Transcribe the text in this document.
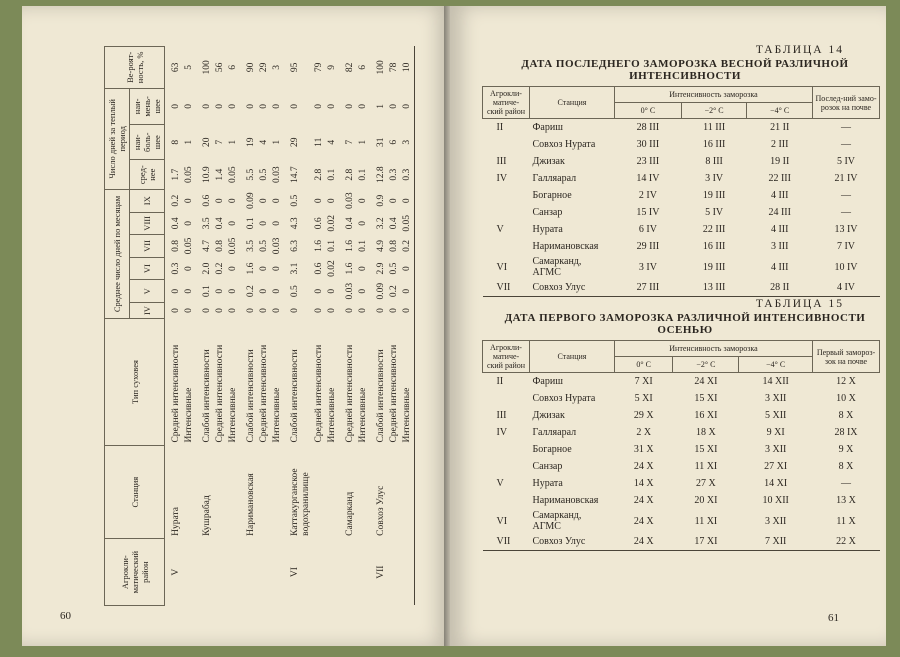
Агрокли-матический район	Станция	Тип суховея	Среднее число дней по месяцам						Число дней за теплый период			Ве-роят-ность, %
			IV	V	VI	VII	VIII	IX	сред-нее	наи-боль-шее	наи-мень-шее	
V	Нурата	Средней интенсивности	0	0	0.3	0.8	0.4	0.2	1.7	8	0	63
		Интенсивные	0	0	0	0.05	0	0	0.05	1	0	5
	Кушрабад	Слабой интенсивности	0	0.1	2.0	4.7	3.5	0.6	10.9	20	0	100
		Средней интенсивности	0	0	0.2	0.8	0.4	0	1.4	7	0	56
		Интенсивные	0	0	0	0.05	0	0	0.05	1	0	6
	Наримановская	Слабой интенсивности	0	0.2	1.6	3.5	0.1	0.09	5.5	19	0	90
		Средней интенсивности	0	0	0	0.5	0	0	0.5	4	0	29
		Интенсивные	0	0	0	0.03	0	0	0.03	1	0	3
VI	Каттакурганское водохранилище	Слабой интенсивности	0	0.5	3.1	6.3	4.3	0.5	14.7	29	0	95
		Средней интенсивности	0	0	0.6	1.6	0.6	0	2.8	11	0	79
		Интенсивные	0	0	0.02	0.1	0.02	0	0.1	4	0	9
	Самарканд	Средней интенсивности	0	0.03	1.6	1.6	0.4	0.03	2.8	7	0	82
		Интенсивные	0	0	0	0.1	0	0	0.1	1	0	6
VII	Совхоз Улус	Слабой интенсивности	0	0.09	2.9	4.9	3.2	0.9	12.8	31	1	100
		Средней интенсивности	0	0.2	0.5	0.8	0.4	0	0.3	6	0	78
		Интенсивные	0	0	0	0.2	0.05	0	0.3	3	0	10
60
ТАБЛИЦА 14
ДАТА ПОСЛЕДНЕГО ЗАМОРОЗКА ВЕСНОЙ РАЗЛИЧНОЙ ИНТЕНСИВНОСТИ
Агрокли-матиче-ский район	Станция	Интенсивность заморозка			Послед-ний замо-розок на почве
		0° С	−2° С	−4° С	
II	Фариш	28 III	11 III	21 II	—
	Совхоз Нурата	30 III	16 III	2 III	—
III	Джизак	23 III	8 III	19 II	5 IV
IV	Галляарал	14 IV	3 IV	22 III	21 IV
	Богарное	2 IV	19 III	4 III	—
	Санзар	15 IV	5 IV	24 III	—
V	Нурата	6 IV	22 III	4 III	13 IV
	Наримановская	29 III	16 III	3 III	7 IV
VI	Самарканд, АГМС	3 IV	19 III	4 III	10 IV
VII	Совхоз Улус	27 III	13 III	28 II	4 IV
ТАБЛИЦА 15
ДАТА ПЕРВОГО ЗАМОРОЗКА РАЗЛИЧНОЙ ИНТЕНСИВНОСТИ ОСЕНЬЮ
Агрокли-матиче-ский район	Станция	Интенсивность заморозка			Первый замороз-зок на почве
		0° С	−2° С	−4° С	
II	Фариш	7 XI	24 XI	14 XII	12 X
	Совхоз Нурата	5 XI	15 XI	3 XII	10 X
III	Джизак	29 X	16 XI	5 XII	8 X
IV	Галляарал	2 X	18 X	9 XI	28 IX
	Богарное	31 X	15 XI	3 XII	9 X
	Санзар	24 X	11 XI	27 XI	8 X
V	Нурата	14 X	27 X	14 XI	—
	Наримановская	24 X	20 XI	10 XII	13 X
VI	Самарканд, АГМС	24 X	11 XI	3 XII	11 X
VII	Совхоз Улус	24 X	17 XI	7 XII	22 X
61
